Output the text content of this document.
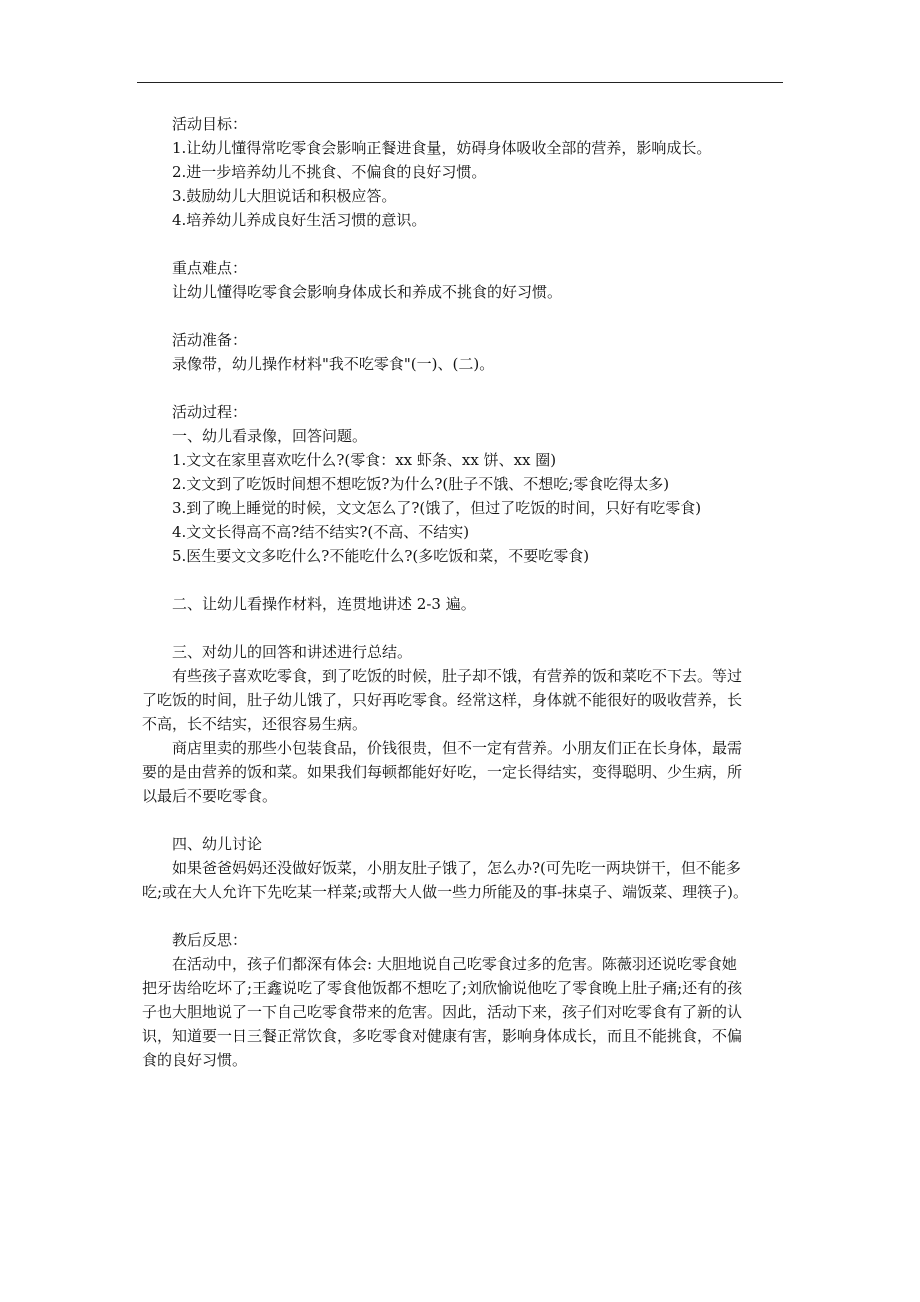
活动目标：
1.让幼儿懂得常吃零食会影响正餐进食量，妨碍身体吸收全部的营养，影响成长。
2.进一步培养幼儿不挑食、不偏食的良好习惯。
3.鼓励幼儿大胆说话和积极应答。
4.培养幼儿养成良好生活习惯的意识。
重点难点：
让幼儿懂得吃零食会影响身体成长和养成不挑食的好习惯。
活动准备：
录像带，幼儿操作材料"我不吃零食"(一)、(二)。
活动过程：
一、幼儿看录像，回答问题。
1.文文在家里喜欢吃什么?(零食：xx 虾条、xx 饼、xx 圈)
2.文文到了吃饭时间想不想吃饭?为什么?(肚子不饿、不想吃;零食吃得太多)
3.到了晚上睡觉的时候，文文怎么了?(饿了，但过了吃饭的时间，只好有吃零食)
4.文文长得高不高?结不结实?(不高、不结实)
5.医生要文文多吃什么?不能吃什么?(多吃饭和菜，不要吃零食)
二、让幼儿看操作材料，连贯地讲述 2-3 遍。
三、对幼儿的回答和讲述进行总结。
有些孩子喜欢吃零食，到了吃饭的时候，肚子却不饿，有营养的饭和菜吃不下去。等过
了吃饭的时间，肚子幼儿饿了，只好再吃零食。经常这样，身体就不能很好的吸收营养，长
不高，长不结实，还很容易生病。
商店里卖的那些小包装食品，价钱很贵，但不一定有营养。小朋友们正在长身体，最需
要的是由营养的饭和菜。如果我们每顿都能好好吃，一定长得结实，变得聪明、少生病，所
以最后不要吃零食。
四、幼儿讨论
如果爸爸妈妈还没做好饭菜，小朋友肚子饿了，怎么办?(可先吃一两块饼干，但不能多
吃;或在大人允许下先吃某一样菜;或帮大人做一些力所能及的事-抹桌子、端饭菜、理筷子)。
教后反思：
在活动中，孩子们都深有体会: 大胆地说自己吃零食过多的危害。陈薇羽还说吃零食她
把牙齿给吃坏了;王鑫说吃了零食他饭都不想吃了;刘欣愉说他吃了零食晚上肚子痛;还有的孩
子也大胆地说了一下自己吃零食带来的危害。因此，活动下来，孩子们对吃零食有了新的认
识，知道要一日三餐正常饮食，多吃零食对健康有害，影响身体成长，而且不能挑食，不偏
食的良好习惯。
